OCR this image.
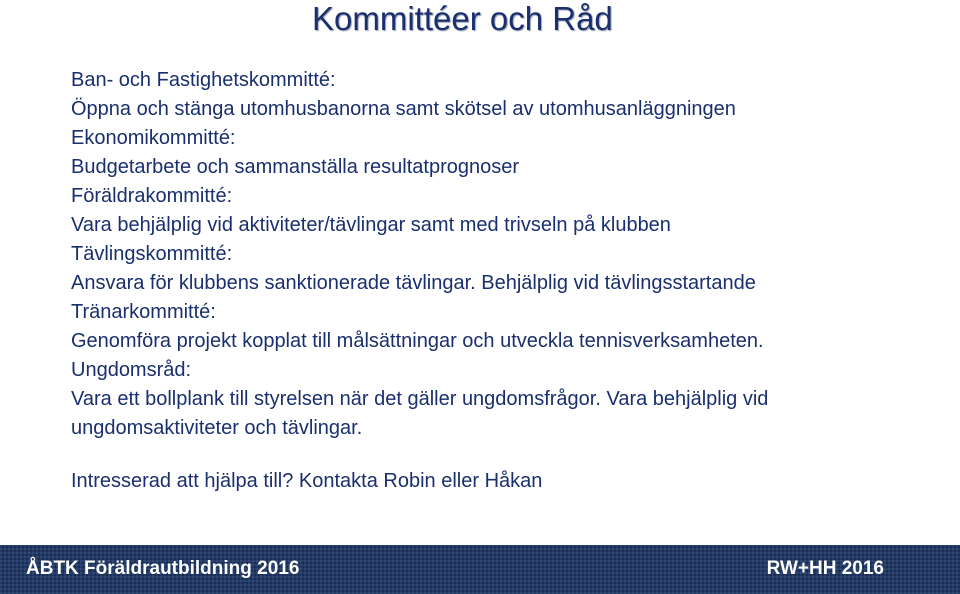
Kommittéer och Råd
Ban- och Fastighetskommitté:
Öppna och stänga utomhusbanorna samt skötsel av utomhusanläggningen
Ekonomikommitté:
Budgetarbete och sammanställa resultatprognoser
Föräldrakommitté:
Vara behjälplig vid aktiviteter/tävlingar samt med trivseln på klubben
Tävlingskommitté:
Ansvara för klubbens sanktionerade tävlingar. Behjälplig vid tävlingsstartande
Tränarkommitté:
Genomföra projekt kopplat till målsättningar och utveckla tennisverksamheten.
Ungdomsråd:
Vara ett bollplank till styrelsen när det gäller ungdomsfrågor. Vara behjälplig vid
ungdomsaktiviteter och tävlingar.
Intresserad att hjälpa till? Kontakta Robin eller Håkan
ÅBTK Föräldrautbildning 2016	RW+HH 2016
